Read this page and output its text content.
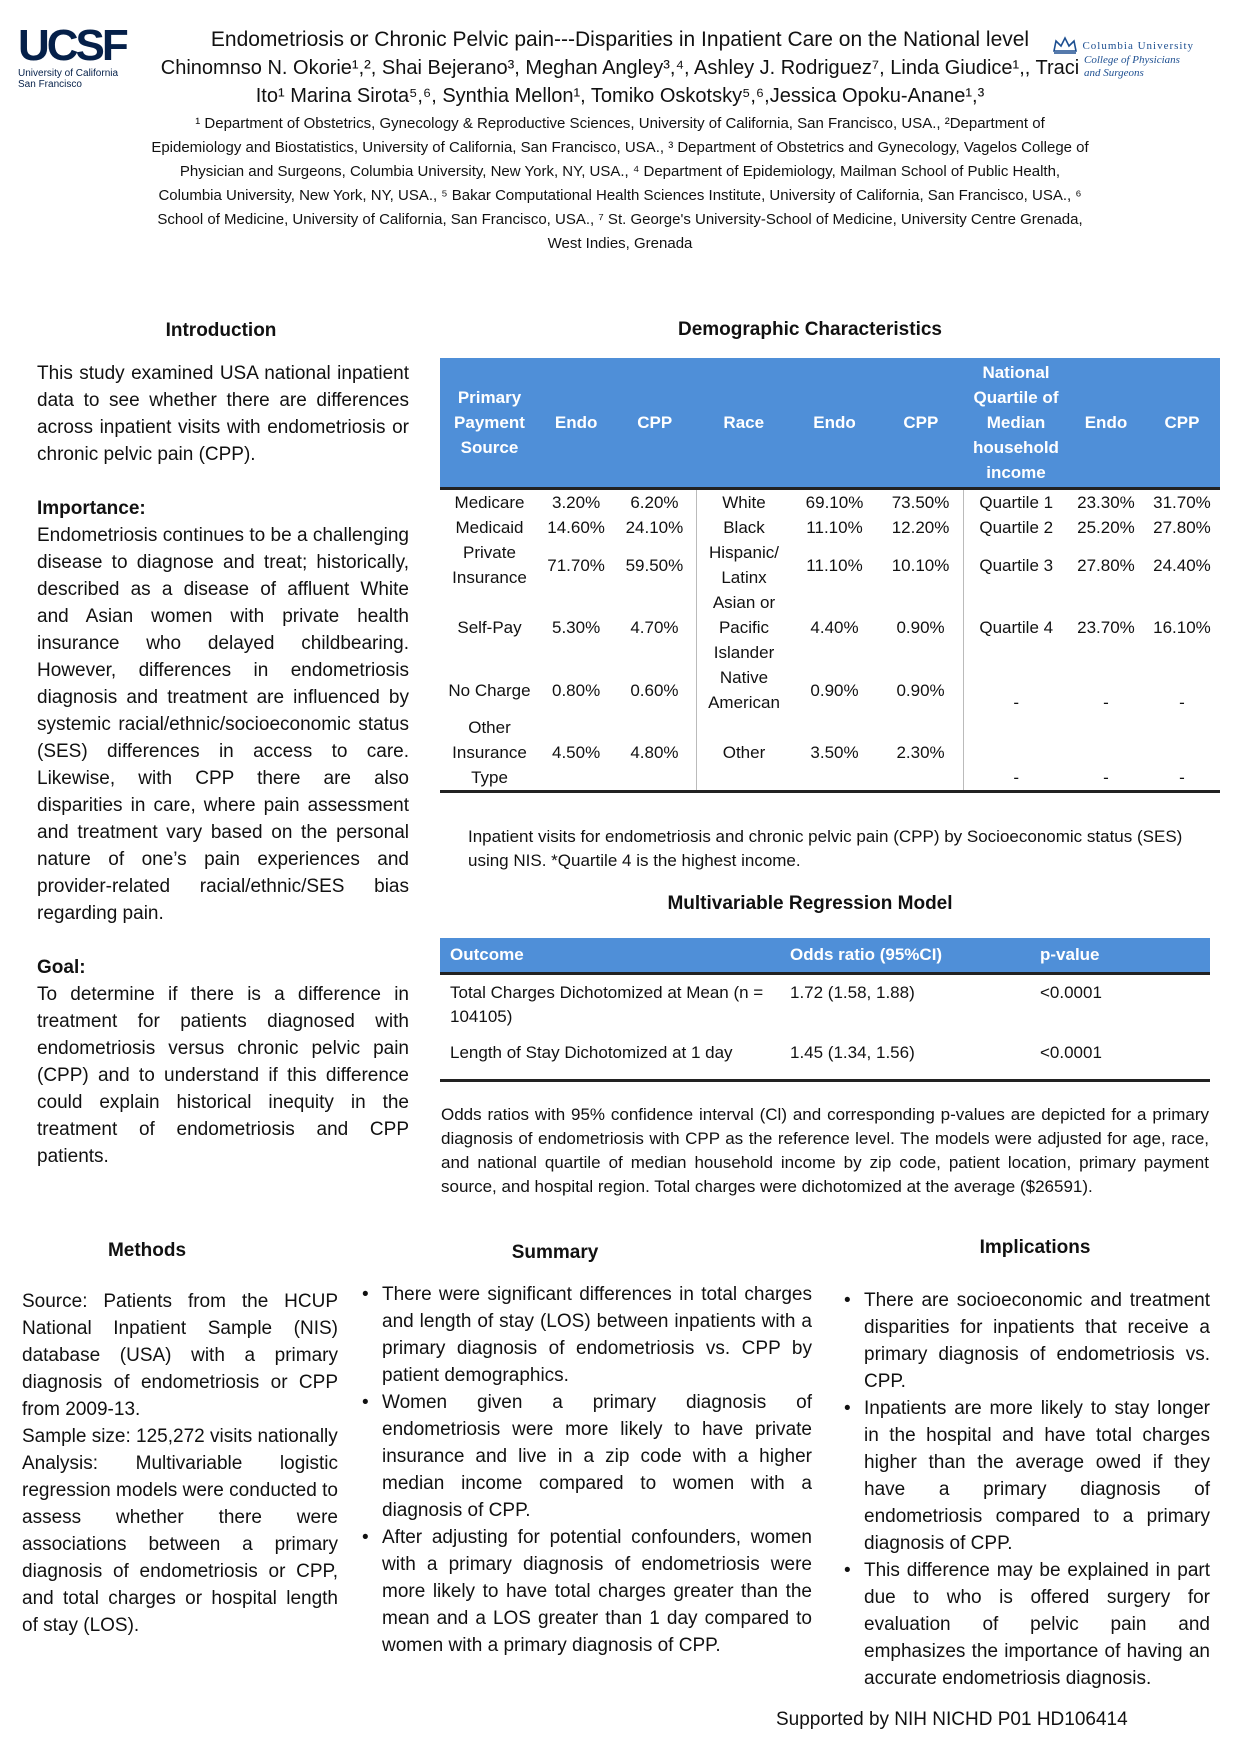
UCSF
University of California
San Francisco
Columbia University
College of Physicians
and Surgeons
Endometriosis or Chronic Pelvic pain---Disparities in Inpatient Care on the National level
Chinomnso N. Okorie¹,², Shai Bejerano³, Meghan Angley³,⁴, Ashley J. Rodriguez⁷, Linda Giudice¹,, Traci Ito¹ Marina Sirota⁵,⁶, Synthia Mellon¹, Tomiko Oskotsky⁵,⁶,Jessica Opoku-Anane¹,³
¹ Department of Obstetrics, Gynecology & Reproductive Sciences, University of California, San Francisco, USA., ²Department of Epidemiology and Biostatistics, University of California, San Francisco, USA., ³ Department of Obstetrics and Gynecology, Vagelos College of Physician and Surgeons, Columbia University, New York, NY, USA., ⁴ Department of Epidemiology, Mailman School of Public Health, Columbia University, New York, NY, USA., ⁵ Bakar Computational Health Sciences Institute, University of California, San Francisco, USA., ⁶ School of Medicine, University of California, San Francisco, USA., ⁷ St. George's University-School of Medicine, University Centre Grenada, West Indies, Grenada
Introduction
This study examined USA national inpatient data to see whether there are differences across inpatient visits with endometriosis or chronic pelvic pain (CPP).
Importance:
Endometriosis continues to be a challenging disease to diagnose and treat; historically, described as a disease of affluent White and Asian women with private health insurance who delayed childbearing. However, differences in endometriosis diagnosis and treatment are influenced by systemic racial/ethnic/socioeconomic status (SES) differences in access to care. Likewise, with CPP there are also disparities in care, where pain assessment and treatment vary based on the personal nature of one’s pain experiences and provider-related racial/ethnic/SES bias regarding pain.
Goal:
To determine if there is a difference in treatment for patients diagnosed with endometriosis versus chronic pelvic pain (CPP) and to understand if this difference could explain historical inequity in the treatment of endometriosis and CPP patients.
Demographic Characteristics
Primary Payment Source	Endo	CPP	Race	Endo	CPP	National Quartile of Median household income	Endo	CPP
Medicare	3.20%	6.20%	White	69.10%	73.50%	Quartile 1	23.30%	31.70%
Medicaid	14.60%	24.10%	Black	11.10%	12.20%	Quartile 2	25.20%	27.80%
Private Insurance	71.70%	59.50%	Hispanic/ Latinx	11.10%	10.10%	Quartile 3	27.80%	24.40%
Self-Pay	5.30%	4.70%	Asian or Pacific Islander	4.40%	0.90%	Quartile 4	23.70%	16.10%
No Charge	0.80%	0.60%	Native American	0.90%	0.90%	-	-	-
Other Insurance Type	4.50%	4.80%	Other	3.50%	2.30%	-	-	-
Inpatient visits for endometriosis and chronic pelvic pain (CPP) by Socioeconomic status (SES) using NIS. *Quartile 4 is the highest income.
Multivariable Regression Model
Outcome	Odds ratio (95%CI)	p-value
Total Charges Dichotomized at Mean (n = 104105)	1.72 (1.58, 1.88)	<0.0001
Length of Stay Dichotomized at 1 day	1.45 (1.34, 1.56)	<0.0001
Odds ratios with 95% confidence interval (Cl) and corresponding p-values are depicted for a primary diagnosis of endometriosis with CPP as the reference level. The models were adjusted for age, race, and national quartile of median household income by zip code, patient location, primary payment source, and hospital region. Total charges were dichotomized at the average ($26591).
Methods
Source: Patients from the HCUP National Inpatient Sample (NIS) database (USA) with a primary diagnosis of endometriosis or CPP from 2009-13.
Sample size: 125,272 visits nationally
Analysis: Multivariable logistic regression models were conducted to assess whether there were associations between a primary diagnosis of endometriosis or CPP, and total charges or hospital length of stay (LOS).
Summary
• There were significant differences in total charges and length of stay (LOS) between inpatients with a primary diagnosis of endometriosis vs. CPP by patient demographics.
• Women given a primary diagnosis of endometriosis were more likely to have private insurance and live in a zip code with a higher median income compared to women with a diagnosis of CPP.
• After adjusting for potential confounders, women with a primary diagnosis of endometriosis were more likely to have total charges greater than the mean and a LOS greater than 1 day compared to women with a primary diagnosis of CPP.
Implications
• There are socioeconomic and treatment disparities for inpatients that receive a primary diagnosis of endometriosis vs. CPP.
• Inpatients are more likely to stay longer in the hospital and have total charges higher than the average owed if they have a primary diagnosis of endometriosis compared to a primary diagnosis of CPP.
• This difference may be explained in part due to who is offered surgery for evaluation of pelvic pain and emphasizes the importance of having an accurate endometriosis diagnosis.
Supported by NIH NICHD P01 HD106414
